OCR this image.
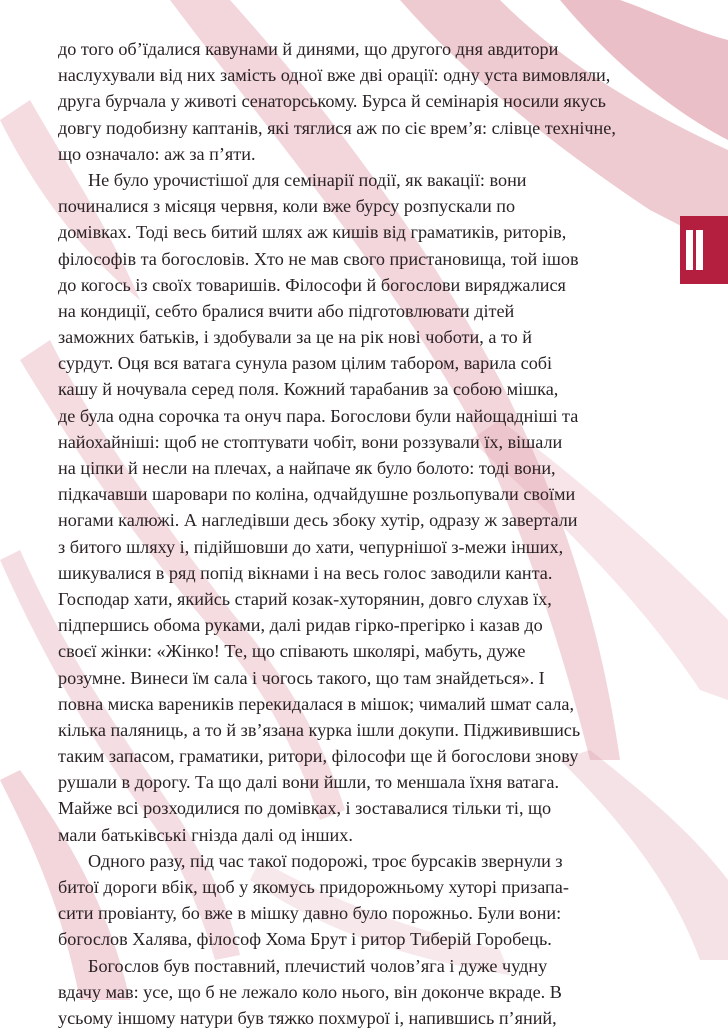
до того об’їдалися кавунами й динями, що другого дня авдитори
наслухували від них замість одної вже дві орації: одну уста вимовляли,
друга бурчала у животі сенаторському. Бурса й семінарія носили якусь
довгу подобизну каптанів, які тяглися аж по сіє врем’я: слівце технічне,
що означало: аж за п’яти.
Не було урочистішої для семінарії події, як вакації: вони
починалися з місяця червня, коли вже бурсу розпускали по
домівках. Тоді весь битий шлях аж кишів від граматиків, риторів,
філософів та богословів. Хто не мав свого пристановища, той ішов
до когось із своїх товаришів. Філософи й богослови виряджалися
на кондиції, себто бралися вчити або підготовлювати дітей
заможних батьків, і здобували за це на рік нові чоботи, а то й
сурдут. Оця вся ватага сунула разом цілим табором, варила собі
кашу й ночувала серед поля. Кожний тарабанив за собою мішка,
де була одна сорочка та онуч пара. Богослови були найощадніші та
найохайніші: щоб не стоптувати чобіт, вони роззували їх, вішали
на ціпки й несли на плечах, а найпаче як було болото: тоді вони,
підкачавши шаровари по коліна, одчайдушне розльопували своїми
ногами калюжі. А нагледівши десь збоку хутір, одразу ж завертали
з битого шляху і, підійшовши до хати, чепурнішої з-межи інших,
шикувалися в ряд попід вікнами і на весь голос заводили канта.
Господар хати, якийсь старий козак-хуторянин, довго слухав їх,
підпершись обома руками, далі ридав гірко-прегірко і казав до
своєї жінки: «Жінко! Те, що співають школярі, мабуть, дуже
розумне. Винеси їм сала і чогось такого, що там знайдеться». І
повна миска вареників перекидалася в мішок; чималий шмат сала,
кілька паляниць, а то й зв’язана курка ішли докупи. Підживившись
таким запасом, граматики, ритори, філософи ще й богослови знову
рушали в дорогу. Та що далі вони йшли, то меншала їхня ватага.
Майже всі розходилися по домівках, і зоставалися тільки ті, що
мали батьківські гнізда далі од інших.
Одного разу, під час такої подорожі, троє бурсаків звернули з
битої дороги вбік, щоб у якомусь придорожньому хуторі призапа-
сити провіанту, бо вже в мішку давно було порожньо. Були вони:
богослов Халява, філософ Хома Брут і ритор Тиберій Горобець.
Богослов був поставний, плечистий чолов’яга і дуже чудну
вдачу мав: усе, що б не лежало коло нього, він доконче вкраде. В
усьому іншому натури був тяжко похмурої і, напившись п’яний,
